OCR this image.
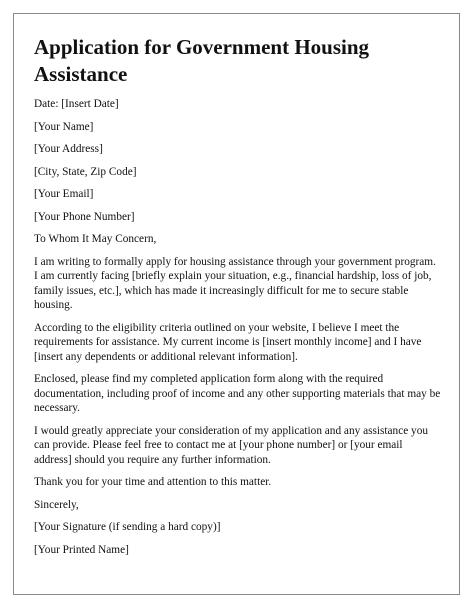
Application for Government Housing Assistance

Date: [Insert Date]

[Your Name]

[Your Address]

[City, State, Zip Code]

[Your Email]

[Your Phone Number]

To Whom It May Concern,

I am writing to formally apply for housing assistance through your government program. I am currently facing [briefly explain your situation, e.g., financial hardship, loss of job, family issues, etc.], which has made it increasingly difficult for me to secure stable housing.

According to the eligibility criteria outlined on your website, I believe I meet the requirements for assistance. My current income is [insert monthly income] and I have [insert any dependents or additional relevant information].

Enclosed, please find my completed application form along with the required documentation, including proof of income and any other supporting materials that may be necessary.

I would greatly appreciate your consideration of my application and any assistance you can provide. Please feel free to contact me at [your phone number] or [your email address] should you require any further information.

Thank you for your time and attention to this matter.

Sincerely,

[Your Signature (if sending a hard copy)]

[Your Printed Name]
